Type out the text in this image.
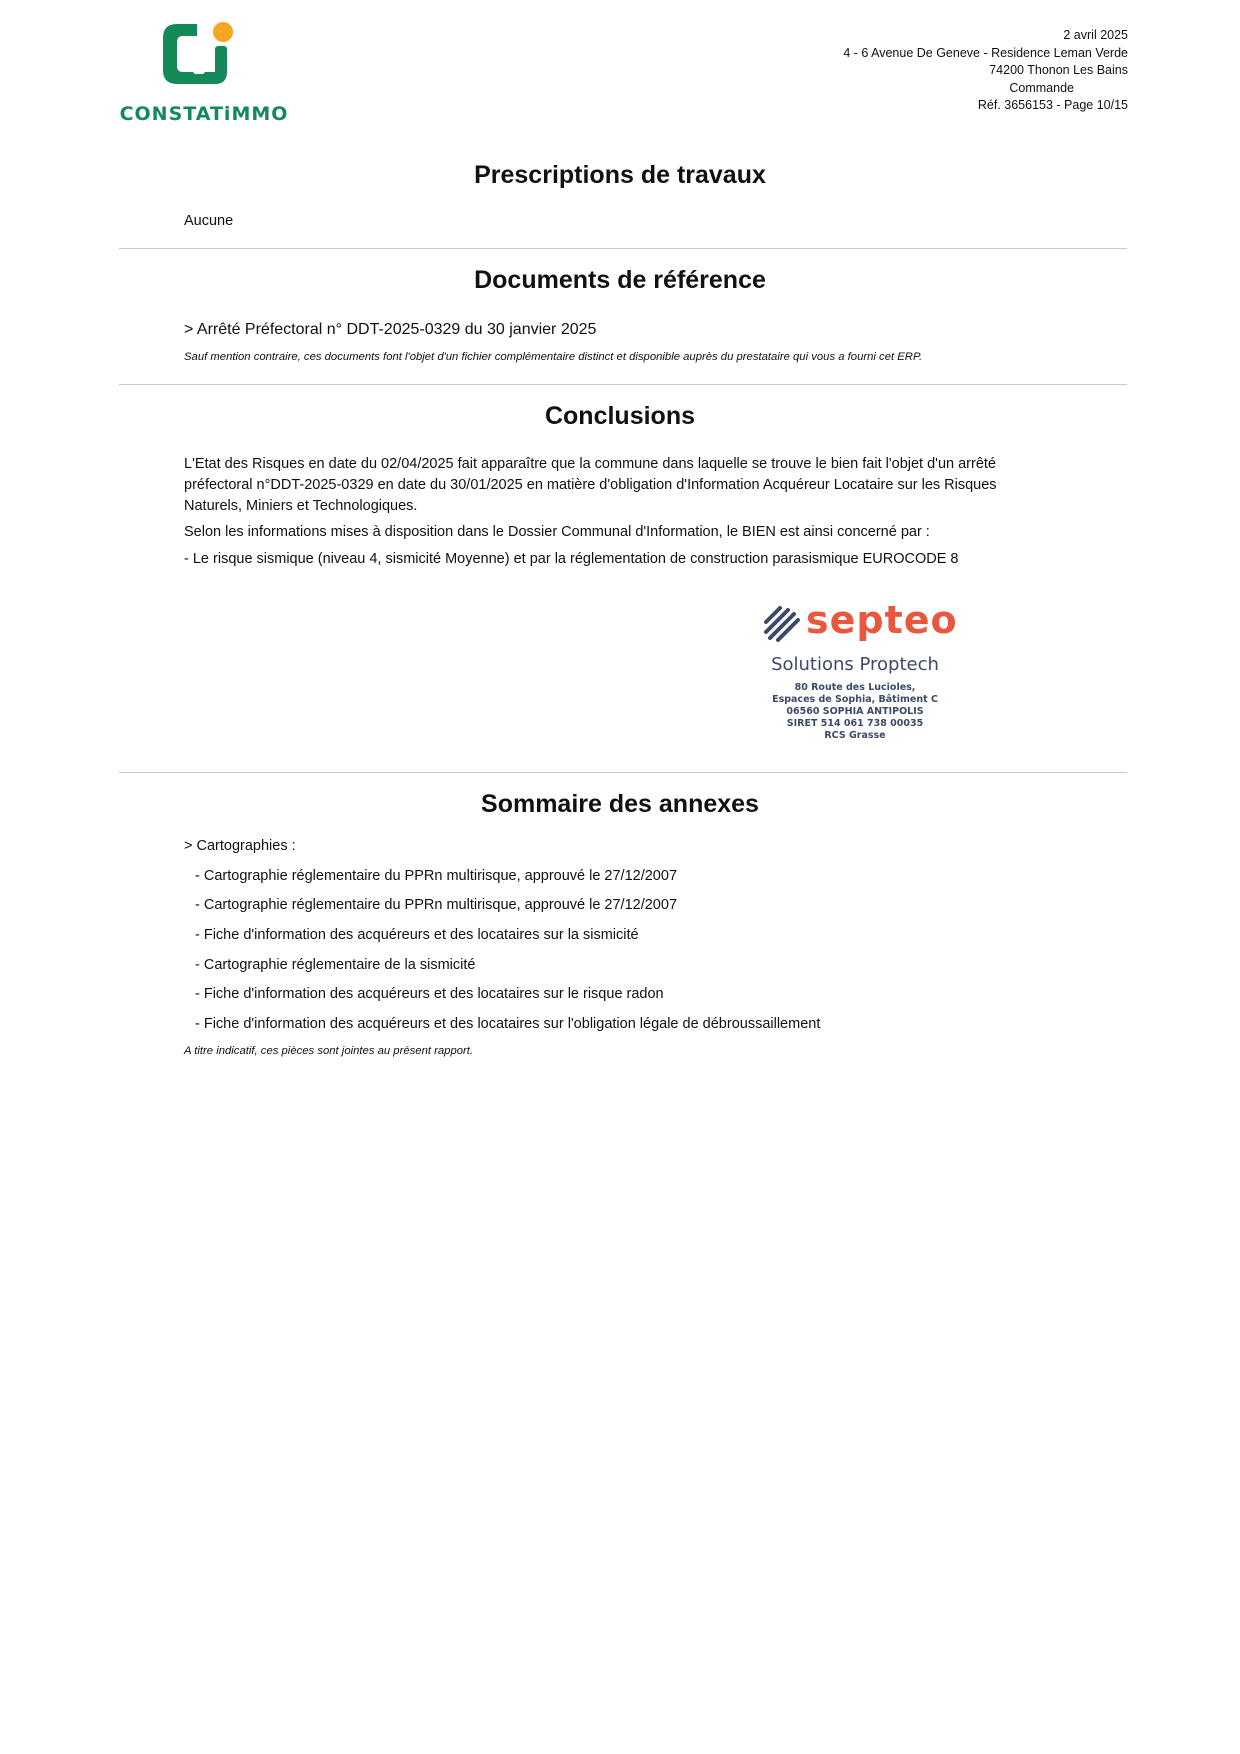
CONSTATiMMO
2 avril 2025
4 - 6 Avenue De Geneve - Residence Leman Verde
74200 Thonon Les Bains
Commande
Réf. 3656153 - Page 10/15
Prescriptions de travaux
Aucune
Documents de référence
> Arrêté Préfectoral n° DDT-2025-0329 du 30 janvier 2025
Sauf mention contraire, ces documents font l'objet d'un fichier complémentaire distinct et disponible auprès du prestataire qui vous a fourni cet ERP.
Conclusions
L'Etat des Risques en date du 02/04/2025 fait apparaître que la commune dans laquelle se trouve le bien fait l'objet d'un arrêté préfectoral n°DDT-2025-0329 en date du 30/01/2025 en matière d'obligation d'Information Acquéreur Locataire sur les Risques Naturels, Miniers et Technologiques.
Selon les informations mises à disposition dans le Dossier Communal d'Information, le BIEN est ainsi concerné par :
- Le risque sismique (niveau 4, sismicité Moyenne) et par la réglementation de construction parasismique EUROCODE 8
septeo
Solutions Proptech
80 Route des Lucioles,
Espaces de Sophia, Bâtiment C
06560 SOPHIA ANTIPOLIS
SIRET 514 061 738 00035
RCS Grasse
Sommaire des annexes
> Cartographies :
- Cartographie réglementaire du PPRn multirisque, approuvé le 27/12/2007
- Cartographie réglementaire du PPRn multirisque, approuvé le 27/12/2007
- Fiche d'information des acquéreurs et des locataires sur la sismicité
- Cartographie réglementaire de la sismicité
- Fiche d'information des acquéreurs et des locataires sur le risque radon
- Fiche d'information des acquéreurs et des locataires sur l'obligation légale de débroussaillement
A titre indicatif, ces pièces sont jointes au présent rapport.
